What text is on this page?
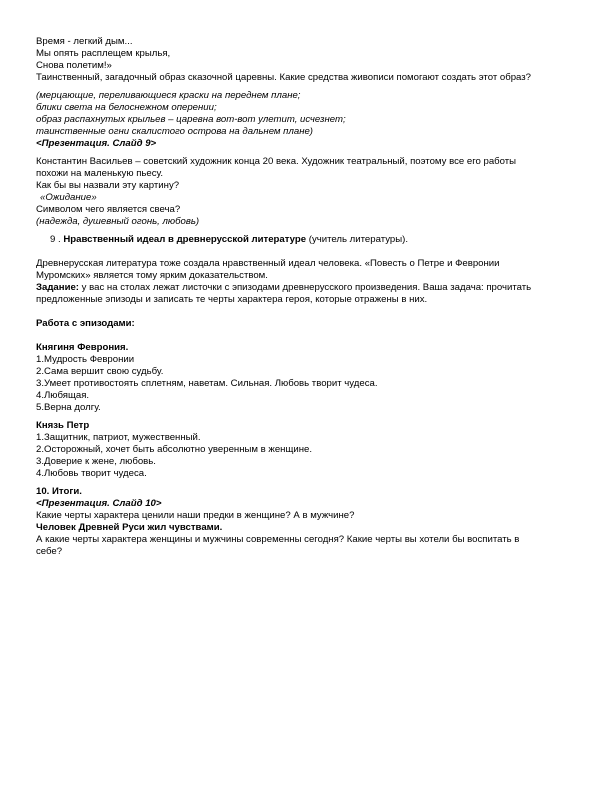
Время - легкий дым...
Мы опять расплещем крылья,
Снова полетим!»
Таинственный, загадочный образ сказочной царевны. Какие средства живописи помогают создать этот образ?
(мерцающие, переливающиеся краски на переднем плане;
блики света на белоснежном оперении;
образ распахнутых крыльев – царевна вот-вот улетит, исчезнет;
таинственные огни скалистого острова на дальнем плане)
<Презентация. Слайд 9>
Константин Васильев – советский художник конца 20 века. Художник театральный, поэтому все его работы
похожи на маленькую пьесу.
Как бы вы назвали эту картину?
«Ожидание»
Символом чего является свеча?
(надежда, душевный огонь, любовь)
9 . Нравственный идеал в древнерусской литературе (учитель литературы).
Древнерусская литература тоже создала нравственный идеал человека. «Повесть о Петре и Февронии
Муромских» является тому ярким доказательством.
Задание: у вас на столах лежат листочки с эпизодами древнерусского произведения. Ваша задача: прочитать
предложенные эпизоды и записать те черты характера героя, которые отражены в них.
Работа с эпизодами:
Княгиня Феврония.
1.Мудрость Февронии
2.Сама вершит свою судьбу.
3.Умеет противостоять сплетням, наветам. Сильная. Любовь творит чудеса.
4.Любящая.
5.Верна долгу.
Князь Петр
1.Защитник, патриот, мужественный.
2.Осторожный, хочет быть абсолютно уверенным в женщине.
3.Доверие к жене, любовь.
4.Любовь творит чудеса.
10. Итоги.
<Презентация. Слайд 10>
Какие черты характера ценили наши предки в женщине? А в мужчине?
Человек Древней Руси жил чувствами.
А какие черты характера женщины и мужчины современны сегодня? Какие черты вы хотели бы воспитать в
себе?
